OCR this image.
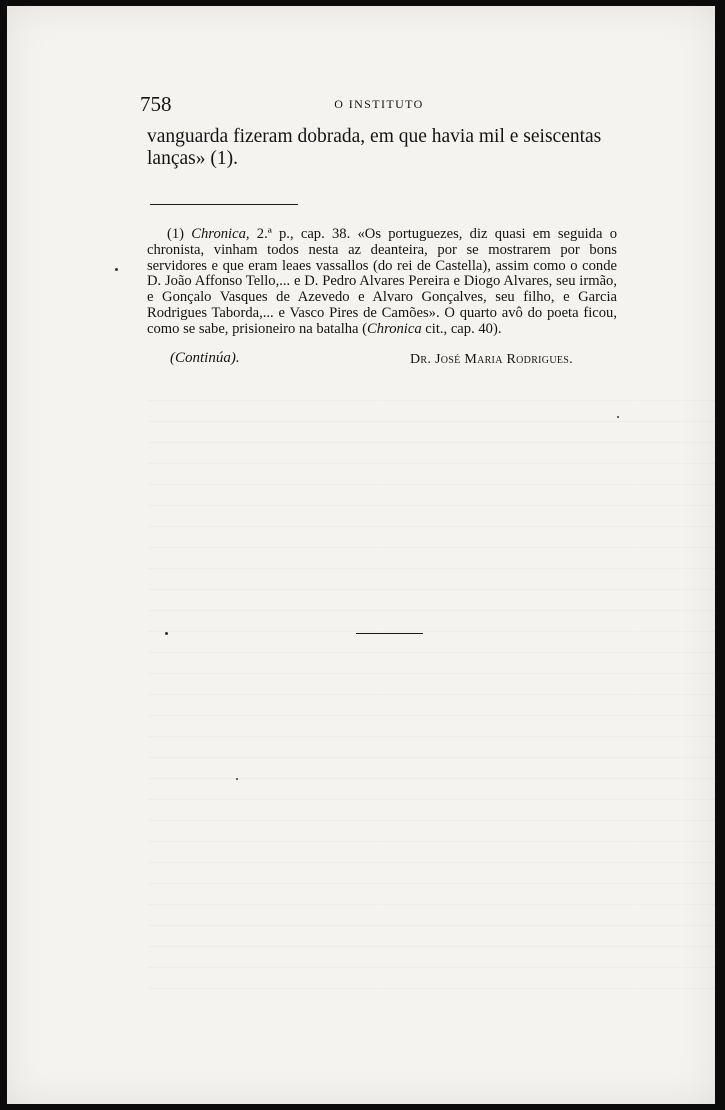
758	O INSTITUTO

vanguarda fizeram dobrada, em que havia mil e seiscentas
lanças» (1).

(1) Chronica, 2.ª p., cap. 38. «Os portuguezes, diz quasi em seguida o chronista, vinham todos nesta az deanteira, por se mostrarem por bons servidores e que eram leaes vassallos (do rei de Castella), assim como o conde D. João Affonso Tello,... e D. Pedro Alvares Pereira e Diogo Alvares, seu irmão, e Gonçalo Vasques de Azevedo e Alvaro Gonçalves, seu filho, e Garcia Rodrigues Taborda,... e Vasco Pires de Camões». O quarto avô do poeta ficou, como se sabe, prisioneiro na batalha (Chronica cit., cap. 40).

(Continúa).	Dr. José Maria Rodrigues.
